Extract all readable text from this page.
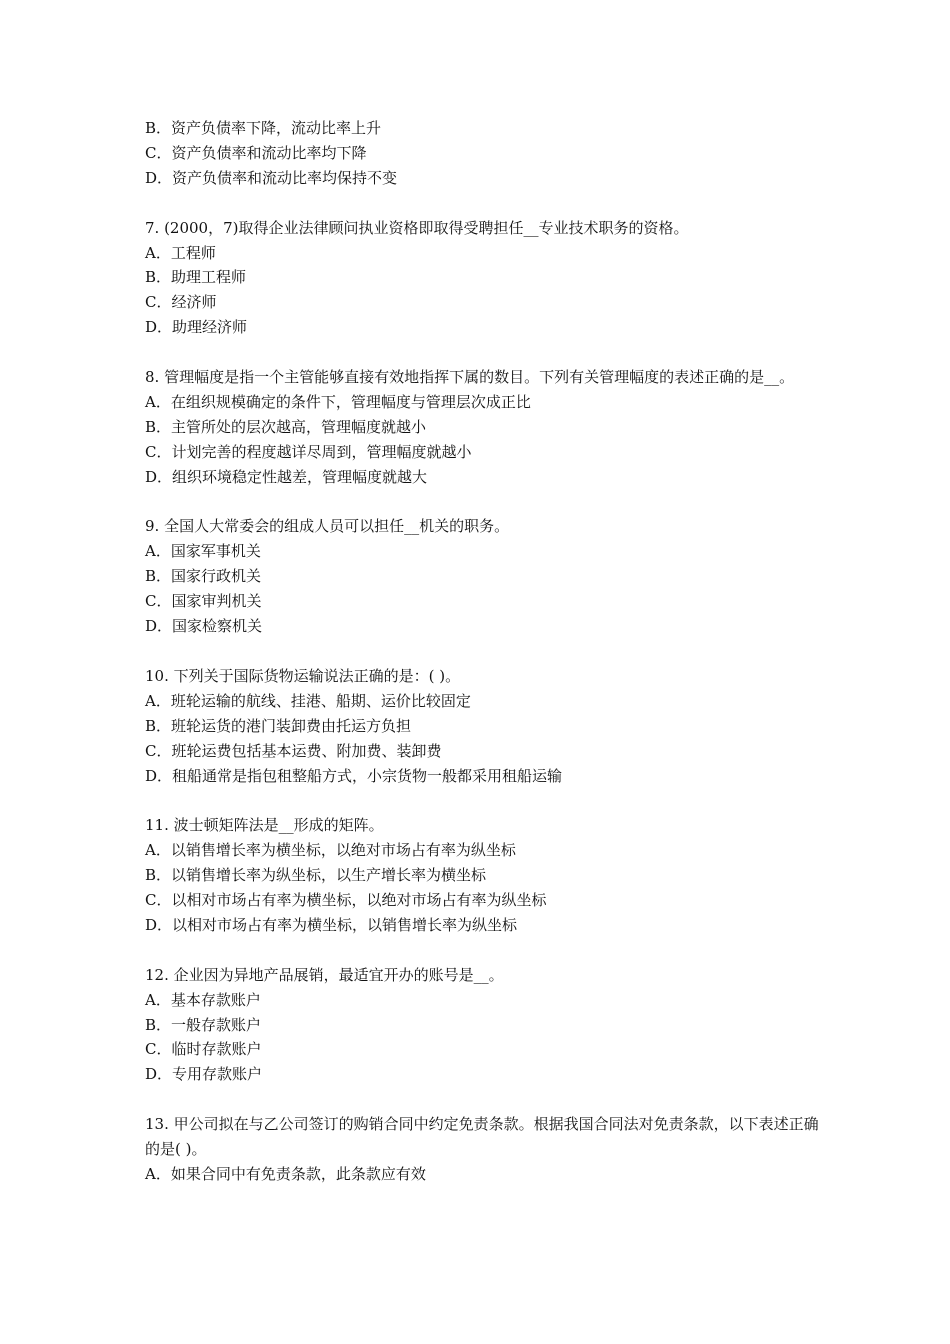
B．资产负债率下降，流动比率上升
C．资产负债率和流动比率均下降
D．资产负债率和流动比率均保持不变
7. (2000，7)取得企业法律顾问执业资格即取得受聘担任__专业技术职务的资格。
A．工程师
B．助理工程师
C．经济师
D．助理经济师
8. 管理幅度是指一个主管能够直接有效地指挥下属的数目。下列有关管理幅度的表述正确的是__。
A．在组织规模确定的条件下，管理幅度与管理层次成正比
B．主管所处的层次越高，管理幅度就越小
C．计划完善的程度越详尽周到，管理幅度就越小
D．组织环境稳定性越差，管理幅度就越大
9. 全国人大常委会的组成人员可以担任__机关的职务。
A．国家军事机关
B．国家行政机关
C．国家审判机关
D．国家检察机关
10. 下列关于国际货物运输说法正确的是：( )。
A．班轮运输的航线、挂港、船期、运价比较固定
B．班轮运货的港门装卸费由托运方负担
C．班轮运费包括基本运费、附加费、装卸费
D．租船通常是指包租整船方式，小宗货物一般都采用租船运输
11. 波士顿矩阵法是__形成的矩阵。
A．以销售增长率为横坐标，以绝对市场占有率为纵坐标
B．以销售增长率为纵坐标，以生产增长率为横坐标
C．以相对市场占有率为横坐标，以绝对市场占有率为纵坐标
D．以相对市场占有率为横坐标，以销售增长率为纵坐标
12. 企业因为异地产品展销，最适宜开办的账号是__。
A．基本存款账户
B．一般存款账户
C．临时存款账户
D．专用存款账户
13. 甲公司拟在与乙公司签订的购销合同中约定免责条款。根据我国合同法对免责条款，以下表述正确的是( )。
A．如果合同中有免责条款，此条款应有效
